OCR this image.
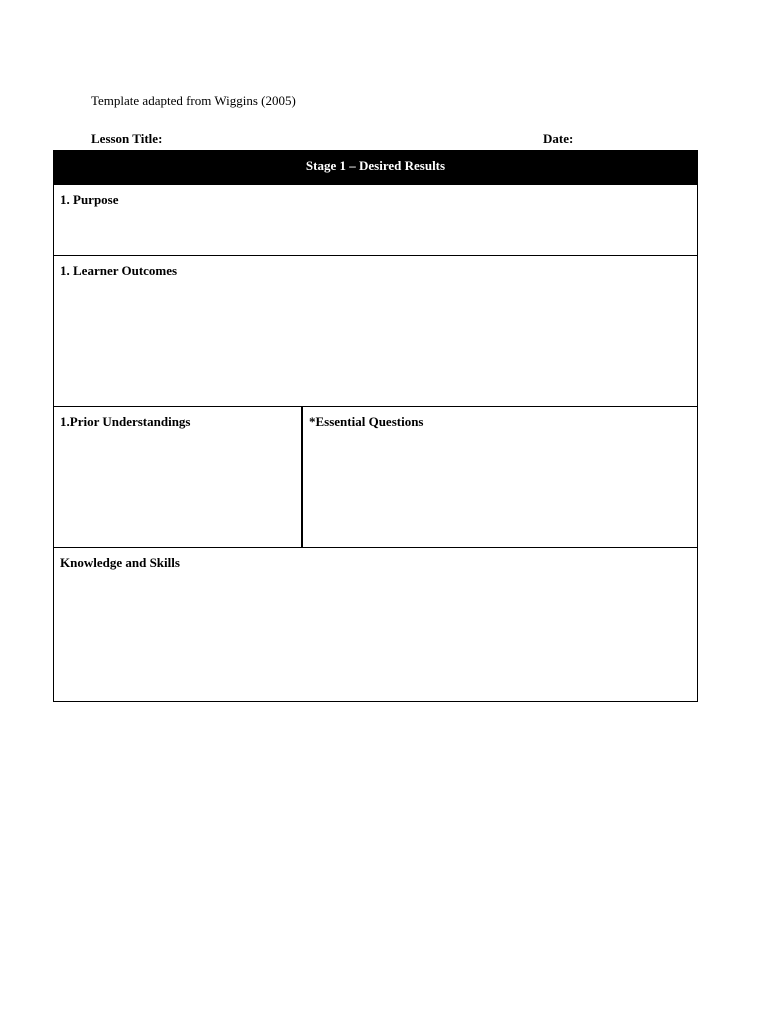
Template adapted from Wiggins (2005)
Lesson Title:	Date:
Stage 1 – Desired Results
1. Purpose
1. Learner Outcomes
1.Prior Understandings	*Essential Questions
Knowledge and Skills
